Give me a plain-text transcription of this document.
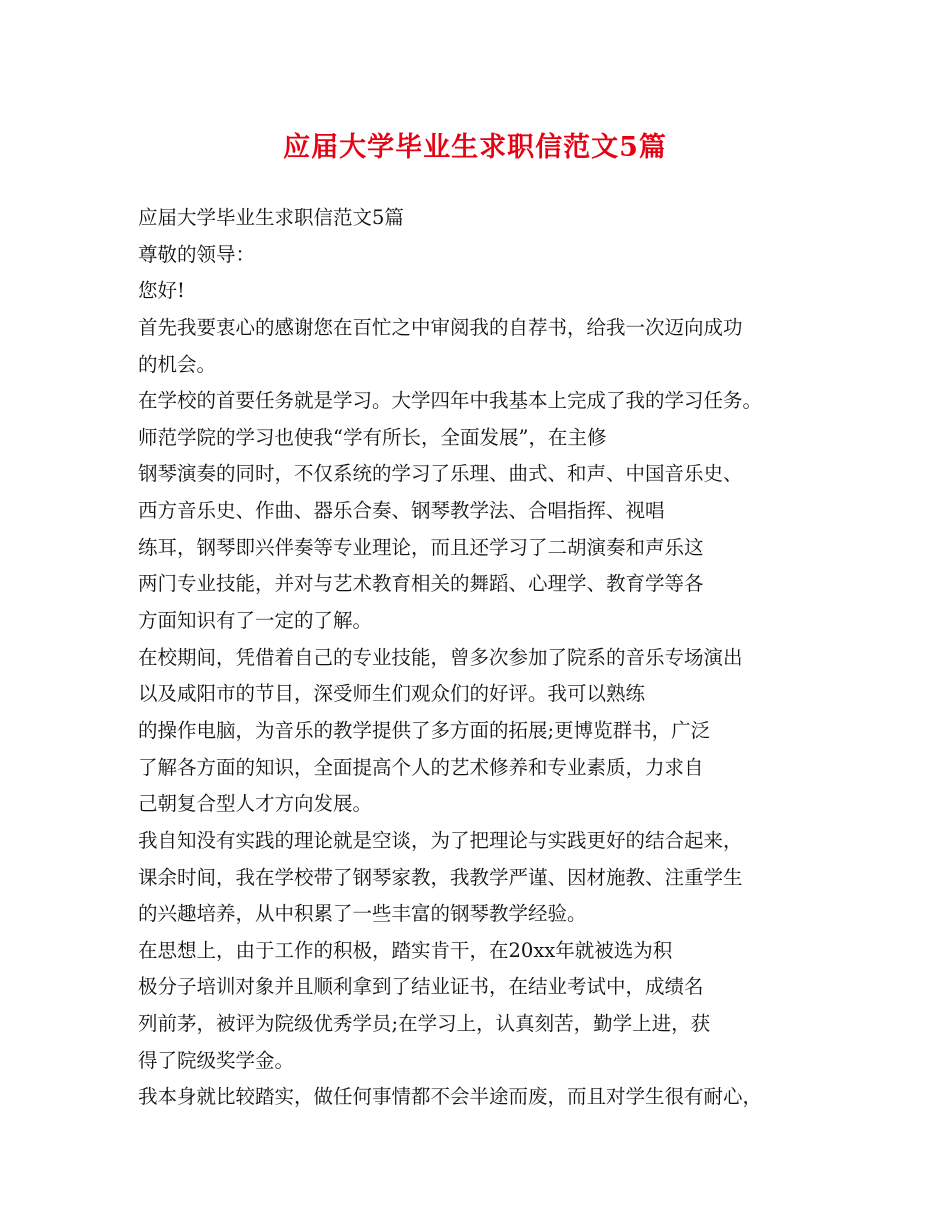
应届大学毕业生求职信范文5篇
应届大学毕业生求职信范文5篇
尊敬的领导：
您好!
首先我要衷心的感谢您在百忙之中审阅我的自荐书，给我一次迈向成功
的机会。
在学校的首要任务就是学习。大学四年中我基本上完成了我的学习任务。
师范学院的学习也使我“学有所长，全面发展”，在主修
钢琴演奏的同时，不仅系统的学习了乐理、曲式、和声、中国音乐史、
西方音乐史、作曲、器乐合奏、钢琴教学法、合唱指挥、视唱
练耳，钢琴即兴伴奏等专业理论，而且还学习了二胡演奏和声乐这
两门专业技能，并对与艺术教育相关的舞蹈、心理学、教育学等各
方面知识有了一定的了解。
在校期间，凭借着自己的专业技能，曾多次参加了院系的音乐专场演出
以及咸阳市的节目，深受师生们观众们的好评。我可以熟练
的操作电脑，为音乐的教学提供了多方面的拓展;更博览群书，广泛
了解各方面的知识，全面提高个人的艺术修养和专业素质，力求自
己朝复合型人才方向发展。
我自知没有实践的理论就是空谈，为了把理论与实践更好的结合起来，
课余时间，我在学校带了钢琴家教，我教学严谨、因材施教、注重学生
的兴趣培养，从中积累了一些丰富的钢琴教学经验。
在思想上，由于工作的积极，踏实肯干，在20xx年就被选为积
极分子培训对象并且顺利拿到了结业证书，在结业考试中，成绩名
列前茅，被评为院级优秀学员;在学习上，认真刻苦，勤学上进，获
得了院级奖学金。
我本身就比较踏实，做任何事情都不会半途而废，而且对学生很有耐心，
